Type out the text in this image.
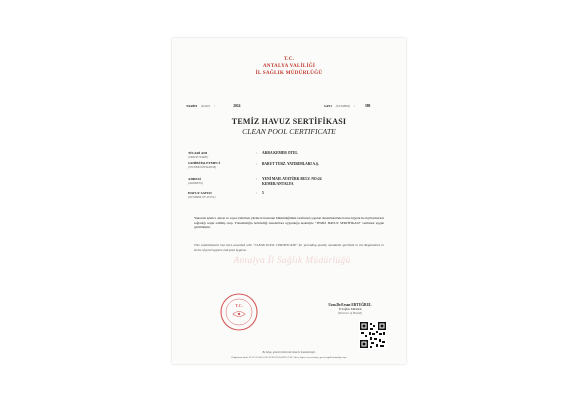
T.C.
ANTALYA VALİLİĞİ
İL SAĞLIK MÜDÜRLÜĞÜ
TARİH (DATE) :	2024	SAYI (NUMBER) :	380
TEMİZ HAVUZ SERTİFİKASI
CLEAN POOL CERTIFICATE
TİCARİ ADI
(TRADE NAME)
: AKRA KEMER OTEL
SAHİBİ/İŞLETMECİ
(OWNER/OPERATOR)
: BARUT TURZ. YATIRIMLARI A.Ş.
ADRESİ
(ADDRESS)
: YENİ MAH. ATATÜRK BULV. NO:24 KEMER/ANTALYA
HAVUZ SAYISI
(NUMBER OF POOL)
: 5
Yukarıda işletici, adresi ve sayısı belirtilen yüzme havuzunun Müdürlüğümüz tarafından yapılan denetimlerinde havuz hijyeni ile ilgili kriterleri sağladığı tespit edilmiş olup, Yönetmeliğin belirlediği standartlara uygunluğu nedeniyle "TEMİZ HAVUZ SERTİFİKASI" verilmesi uygun görülmüştür.
This establishment has been awarded with "CLEAN POOL CERTIFICATE" for providing quality standards specified in the Regulations in terms of pool hygiene and pool hygiene.
Antalya İl Sağlık Müdürlüğü
T.C.	Uzm.Dr.Ersan ERTUĞRUL
İl Sağlık Müdürü
(Director of Health)
Bu belge, güvenli elektronik imza ile imzalanmıştır.
Doğrulama kodu: 9CAC-0A2B-5A2E-4C3D-9A20-66D5-7C4F Adres: https://www.turkiye.gov.tr/saglik-bakanligi-ebys
